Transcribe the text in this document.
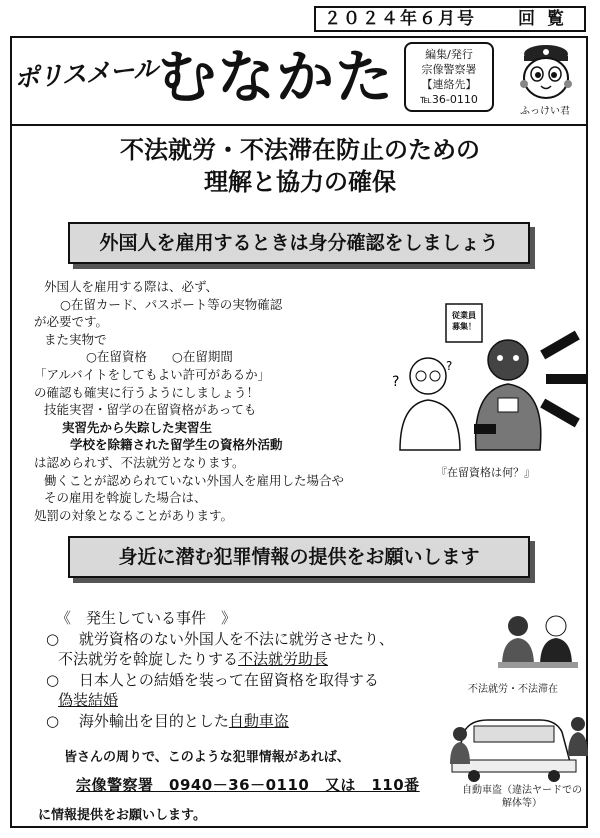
２０２４年６月号 回覧
ポリスメール むなかた	編集/発行
宗像警察署
【連絡先】
℡36-0110
ふっけい君
不法就労・不法滞在防止のための
理解と協力の確保
外国人を雇用するときは身分確認をしましょう
外国人を雇用する際は、必ず、
○在留カード、パスポート等の実物確認
が必要です。
また実物で
○在留資格　　○在留期間
「アルバイトをしてもよい許可があるか」
の確認も確実に行うようにしましょう！
技能実習・留学の在留資格があっても
実習先から失踪した実習生
学校を除籍された留学生の資格外活動
は認められず、不法就労となります。
働くことが認められていない外国人を雇用した場合や
その雇用を斡旋した場合は、
処罰の対象となることがあります。
従業員
募集！
?
?
『在留資格は何？』
身近に潜む犯罪情報の提供をお願いします
《　発生している事件　》
○　 就労資格のない外国人を不法に就労させたり、
不法就労を斡旋したりする不法就労助長
○　 日本人との結婚を装って在留資格を取得する
偽装結婚
○　 海外輸出を目的とした自動車盗
不法就労・不法滞在
自動車盗（違法ヤードでの
解体等）
皆さんの周りで、このような犯罪情報があれば、
宗像警察署　0940－36－0110　又は　110番
に情報提供をお願いします。
